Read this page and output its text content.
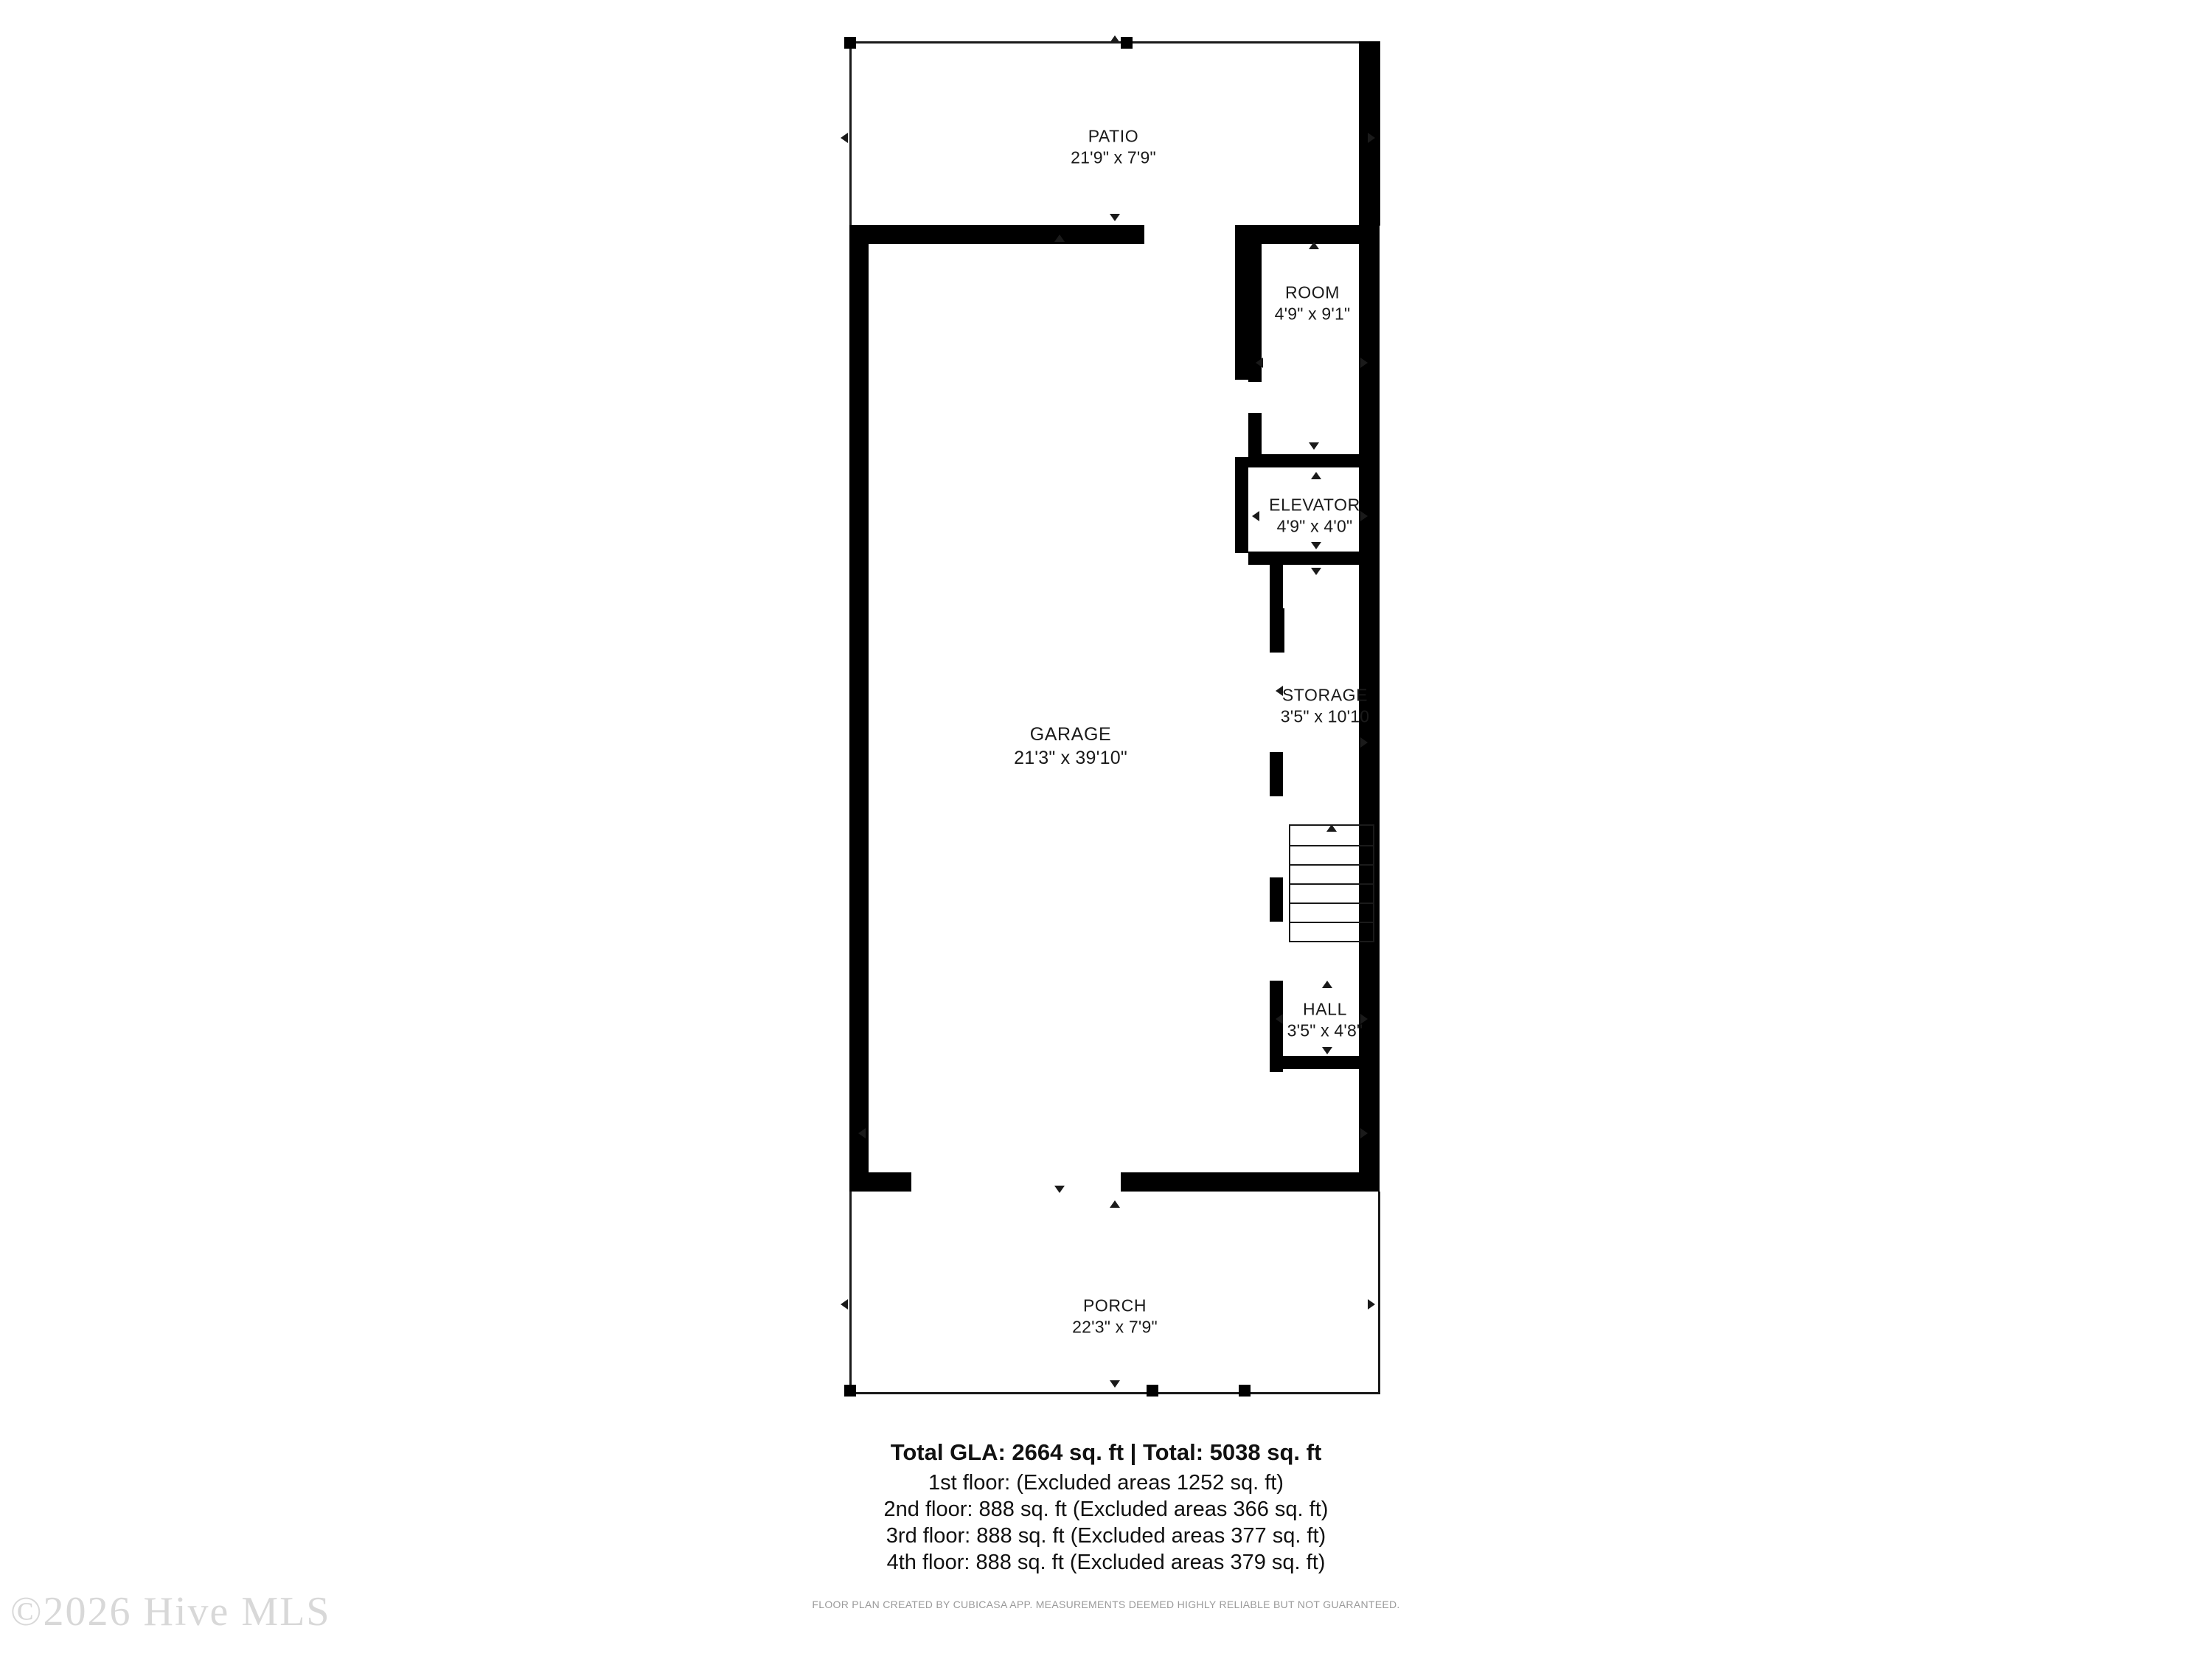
ROOM
4'9" x 9'1"
ELEVATOR
4'9" x 4'0"
STORAGE
3'5" x 10'10
HALL
3'5" x 4'8"
GARAGE
21'3" x 39'10"
PATIO
21'9" x 7'9"
PORCH
22'3" x 7'9"
Total GLA: 2664 sq. ft | Total: 5038 sq. ft
1st floor: (Excluded areas 1252 sq. ft)
2nd floor: 888 sq. ft (Excluded areas 366 sq. ft)
3rd floor: 888 sq. ft (Excluded areas 377 sq. ft)
4th floor: 888 sq. ft (Excluded areas 379 sq. ft)
FLOOR PLAN CREATED BY CUBICASA APP. MEASUREMENTS DEEMED HIGHLY RELIABLE BUT NOT GUARANTEED.
©2026 Hive MLS
